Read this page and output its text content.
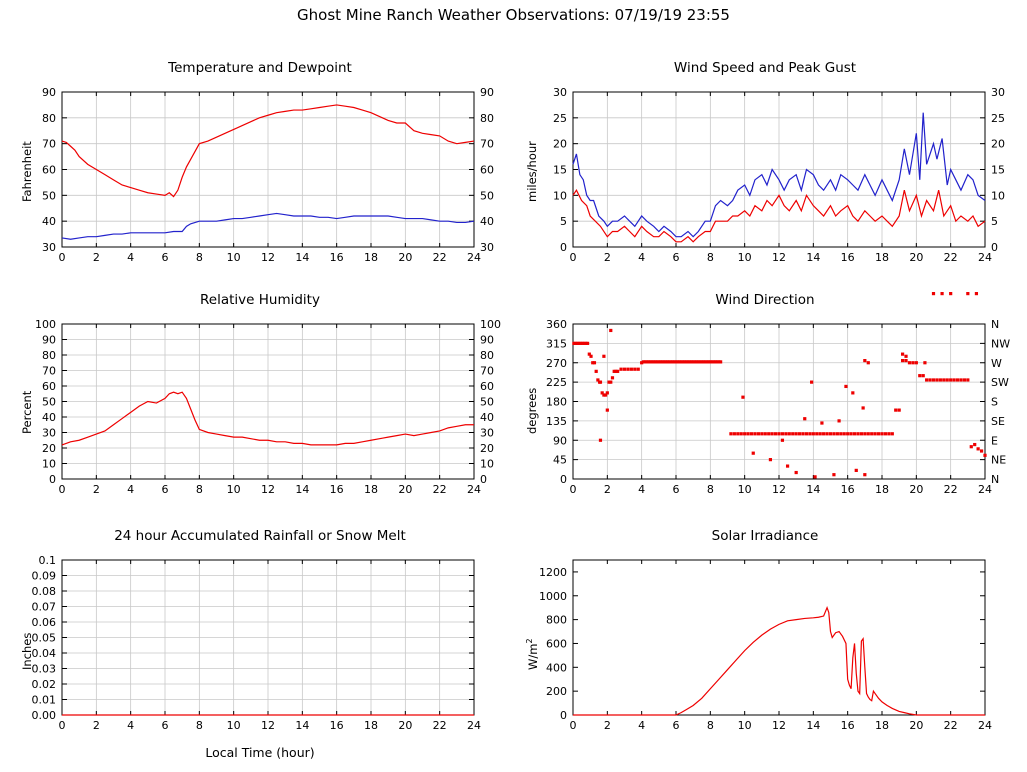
Ghost Mine Ranch Weather Observations: 07/19/19 23:55
Temperature and Dewpoint
Fahrenheit
0 2 4 6 8 10 12 14 16 18 20 22 24
30	30
40	40
50	50
60	60
70	70
80	80
90	90
Wind Speed and Peak Gust
miles/hour
0 2 4 6 8 10 12 14 16 18 20 22 24
0	0
5	5
10	10
15	15
20	20
25	25
30	30
Relative Humidity
Percent
0 2 4 6 8 10 12 14 16 18 20 22 24
0	0
10	10
20	20
30	30
40	40
50	50
60	60
70	70
80	80
90	90
100	100
Wind Direction
degrees
0 2 4 6 8 10 12 14 16 18 20 22 24
0	N
45	NE
90	E
135	SE
180	S
225	SW
270	W
315	NW
360	N
24 hour Accumulated Rainfall or Snow Melt
Inches
0 2 4 6 8 10 12 14 16 18 20 22 24
0.00
0.01
0.02
0.03
0.04
0.05
0.06
0.07
0.08
0.09
0.1
Local Time (hour)
Solar Irradiance
$W/m^2$
0 2 4 6 8 10 12 14 16 18 20 22 24
0
200
400
600
800
1000
1200
